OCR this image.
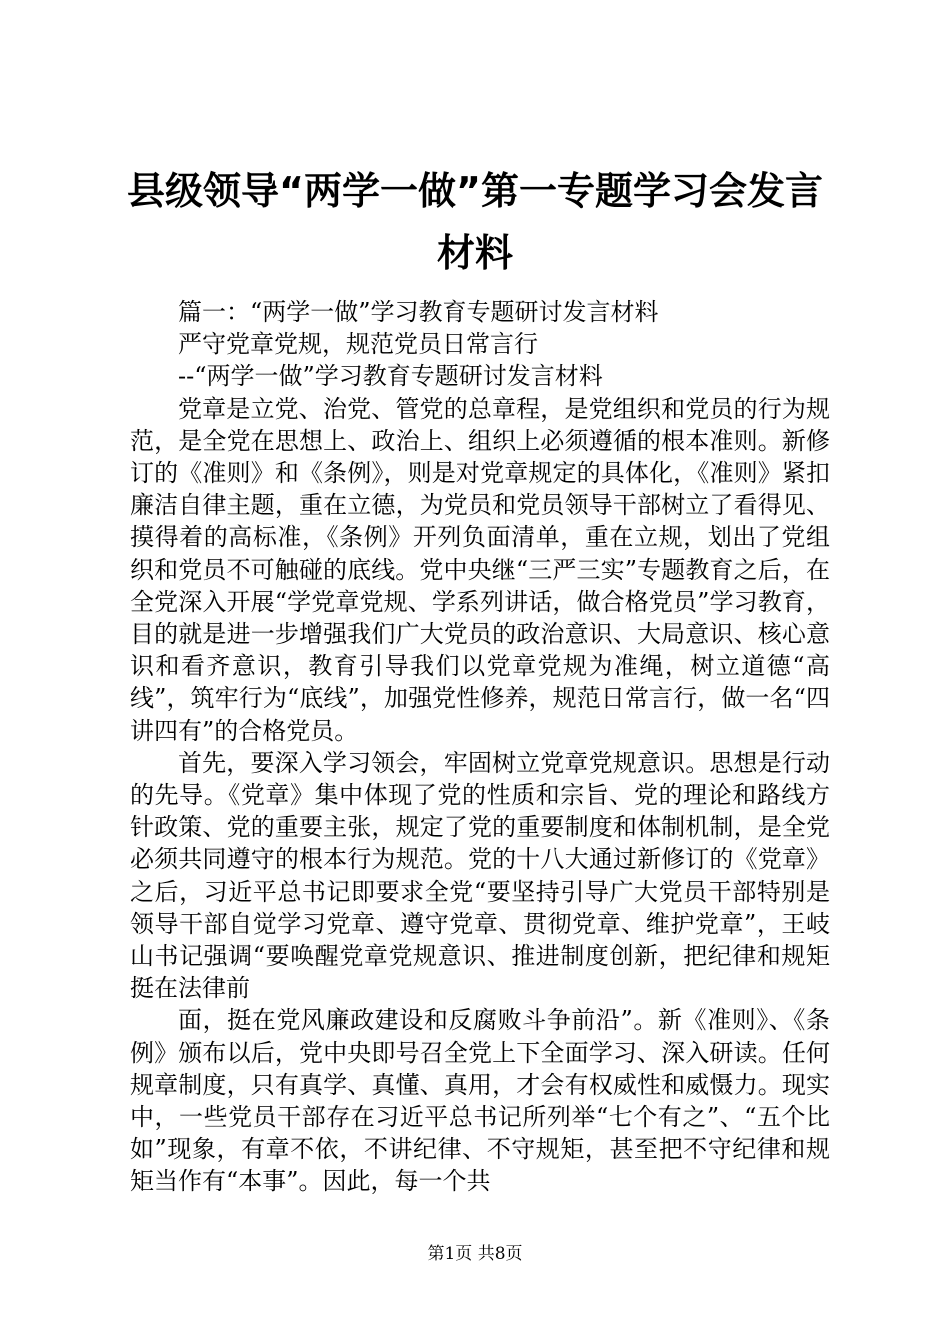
县级领导“两学一做”第一专题学习会发言材料

篇一：“两学一做”学习教育专题研讨发言材料

严守党章党规，规范党员日常言行

--“两学一做”学习教育专题研讨发言材料

党章是立党、治党、管党的总章程，是党组织和党员的行为规范，是全党在思想上、政治上、组织上必须遵循的根本准则。新修订的《准则》和《条例》，则是对党章规定的具体化，《准则》紧扣廉洁自律主题，重在立德，为党员和党员领导干部树立了看得见、摸得着的高标准，《条例》开列负面清单，重在立规，划出了党组织和党员不可触碰的底线。党中央继“三严三实”专题教育之后，在全党深入开展“学党章党规、学系列讲话，做合格党员”学习教育，目的就是进一步增强我们广大党员的政治意识、大局意识、核心意识和看齐意识，教育引导我们以党章党规为准绳，树立道德“高线”，筑牢行为“底线”，加强党性修养，规范日常言行，做一名“四讲四有”的合格党员。

首先，要深入学习领会，牢固树立党章党规意识。思想是行动的先导。《党章》集中体现了党的性质和宗旨、党的理论和路线方针政策、党的重要主张，规定了党的重要制度和体制机制，是全党必须共同遵守的根本行为规范。党的十八大通过新修订的《党章》之后，习近平总书记即要求全党“要坚持引导广大党员干部特别是领导干部自觉学习党章、遵守党章、贯彻党章、维护党章”，王岐山书记强调“要唤醒党章党规意识、推进制度创新，把纪律和规矩挺在法律前

面，挺在党风廉政建设和反腐败斗争前沿”。新《准则》、《条例》颁布以后，党中央即号召全党上下全面学习、深入研读。任何规章制度，只有真学、真懂、真用，才会有权威性和威慑力。现实中，一些党员干部存在习近平总书记所列举“七个有之”、“五个比如”现象，有章不依，不讲纪律、不守规矩，甚至把不守纪律和规矩当作有“本事”。因此，每一个共

第1页 共8页
